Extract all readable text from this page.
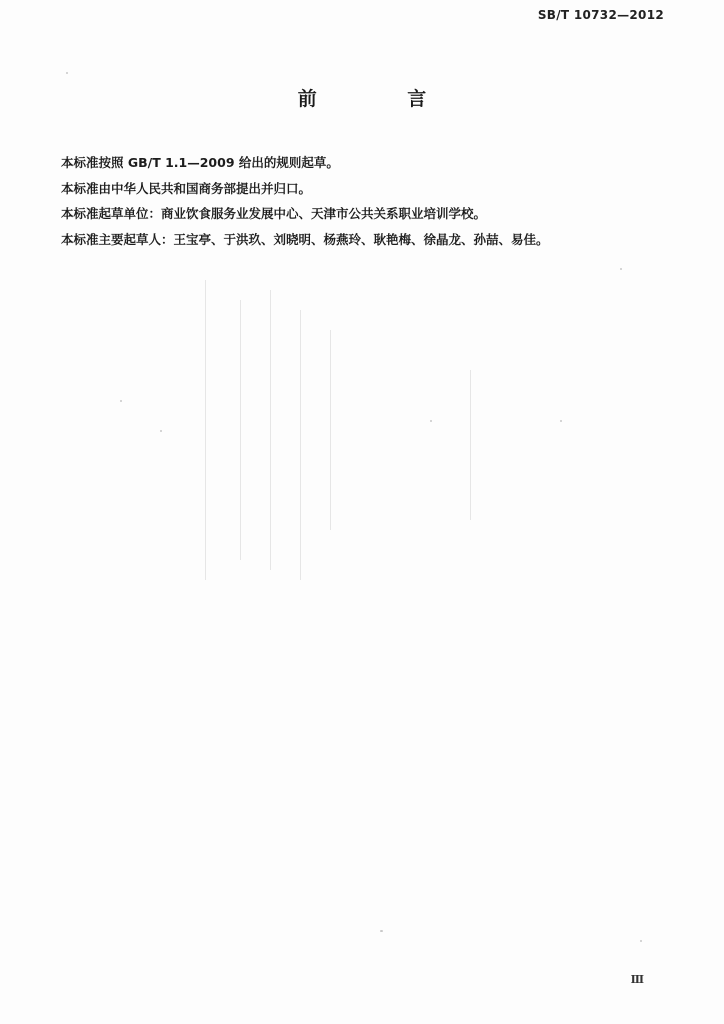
SB/T 10732—2012
前 言
本标准按照 GB/T 1.1—2009 给出的规则起草。
本标准由中华人民共和国商务部提出并归口。
本标准起草单位：商业饮食服务业发展中心、天津市公共关系职业培训学校。
本标准主要起草人：王宝亭、于洪玖、刘晓明、杨燕玲、耿艳梅、徐晶龙、孙喆、易佳。
Ⅲ
